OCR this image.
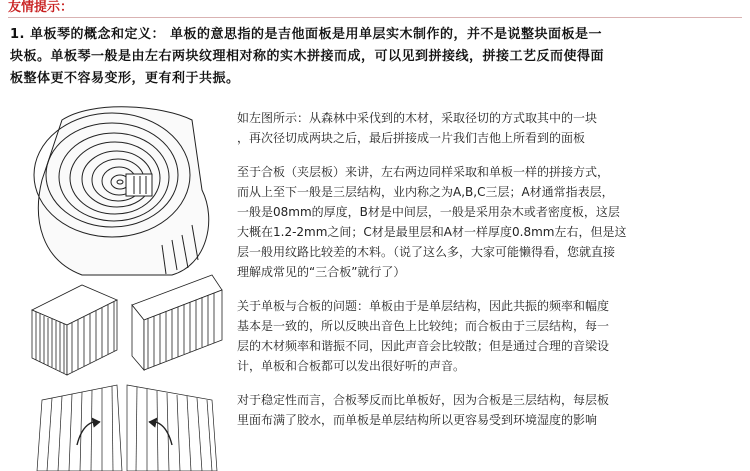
友情提示：
1. 单板琴的概念和定义： 单板的意思指的是吉他面板是用单层实木制作的，并不是说整块面板是一
块板。单板琴一般是由左右两块纹理相对称的实木拼接而成，可以见到拼接线，拼接工艺反而使得面
板整体更不容易变形，更有利于共振。
如左图所示：从森林中采伐到的木材，采取径切的方式取其中的一块
，再次径切成两块之后，最后拼接成一片我们吉他上所看到的面板
至于合板（夹层板）来讲，左右两边同样采取和单板一样的拼接方式，
而从上至下一般是三层结构，业内称之为A,B,C三层；A材通常指表层，
一般是08mm的厚度，B材是中间层，一般是采用杂木或者密度板，这层
大概在1.2-2mm之间；C材是最里层和A材一样厚度0.8mm左右，但是这
层一般用纹路比较差的木料。（说了这么多，大家可能懒得看，您就直接
理解成常见的“三合板”就行了）
关于单板与合板的问题：单板由于是单层结构，因此共振的频率和幅度
基本是一致的，所以反映出音色上比较纯；而合板由于三层结构，每一
层的木材频率和谐振不同，因此声音会比较散；但是通过合理的音梁设
计，单板和合板都可以发出很好听的声音。
对于稳定性而言，合板琴反而比单板好，因为合板是三层结构，每层板
里面布满了胶水，而单板是单层结构所以更容易受到环境湿度的影响
